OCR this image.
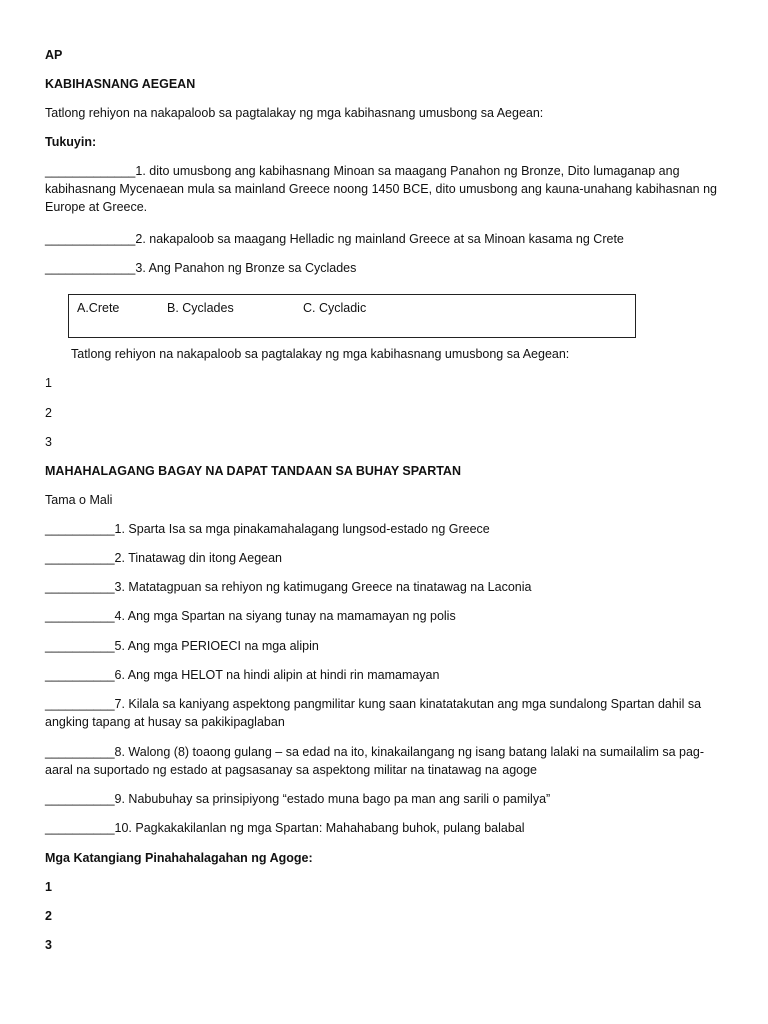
AP
KABIHASNANG AEGEAN
Tatlong rehiyon na nakapaloob sa pagtalakay ng mga kabihasnang umusbong sa Aegean:
Tukuyin:
_____________1. dito umusbong ang kabihasnang Minoan sa maagang Panahon ng Bronze, Dito lumaganap ang kabihasnang Mycenaean mula sa mainland Greece noong 1450 BCE, dito umusbong ang kauna-unahang kabihasnan ng Europe at Greece.
_____________2. nakapaloob sa maagang Helladic ng mainland Greece at sa Minoan kasama ng Crete
_____________3. Ang Panahon ng Bronze sa Cyclades
A.Crete	B. Cyclades	C. Cycladic
Tatlong rehiyon na nakapaloob sa pagtalakay ng mga kabihasnang umusbong sa Aegean:
1
2
3
MAHAHALAGANG BAGAY NA DAPAT TANDAAN SA BUHAY SPARTAN
Tama o Mali
__________1. Sparta Isa sa mga pinakamahalagang lungsod-estado ng Greece
__________2. Tinatawag din itong Aegean
__________3. Matatagpuan sa rehiyon ng katimugang Greece na tinatawag na Laconia
__________4. Ang mga Spartan na siyang tunay na mamamayan ng polis
__________5. Ang mga PERIOECI na mga alipin
__________6. Ang mga HELOT na hindi alipin at hindi rin mamamayan
__________7. Kilala sa kaniyang aspektong pangmilitar kung saan kinatatakutan ang mga sundalong Spartan dahil sa angking tapang at husay sa pakikipaglaban
__________8. Walong (8) toaong gulang – sa edad na ito, kinakailangang ng isang batang lalaki na sumailalim sa pag-aaral na suportado ng estado at pagsasanay sa aspektong militar na tinatawag na agoge
__________9. Nabubuhay sa prinsipiyong “estado muna bago pa man ang sarili o pamilya”
__________10. Pagkakakilanlan ng mga Spartan: Mahahabang buhok, pulang balabal
Mga Katangiang Pinahahalagahan ng Agoge:
1
2
3
